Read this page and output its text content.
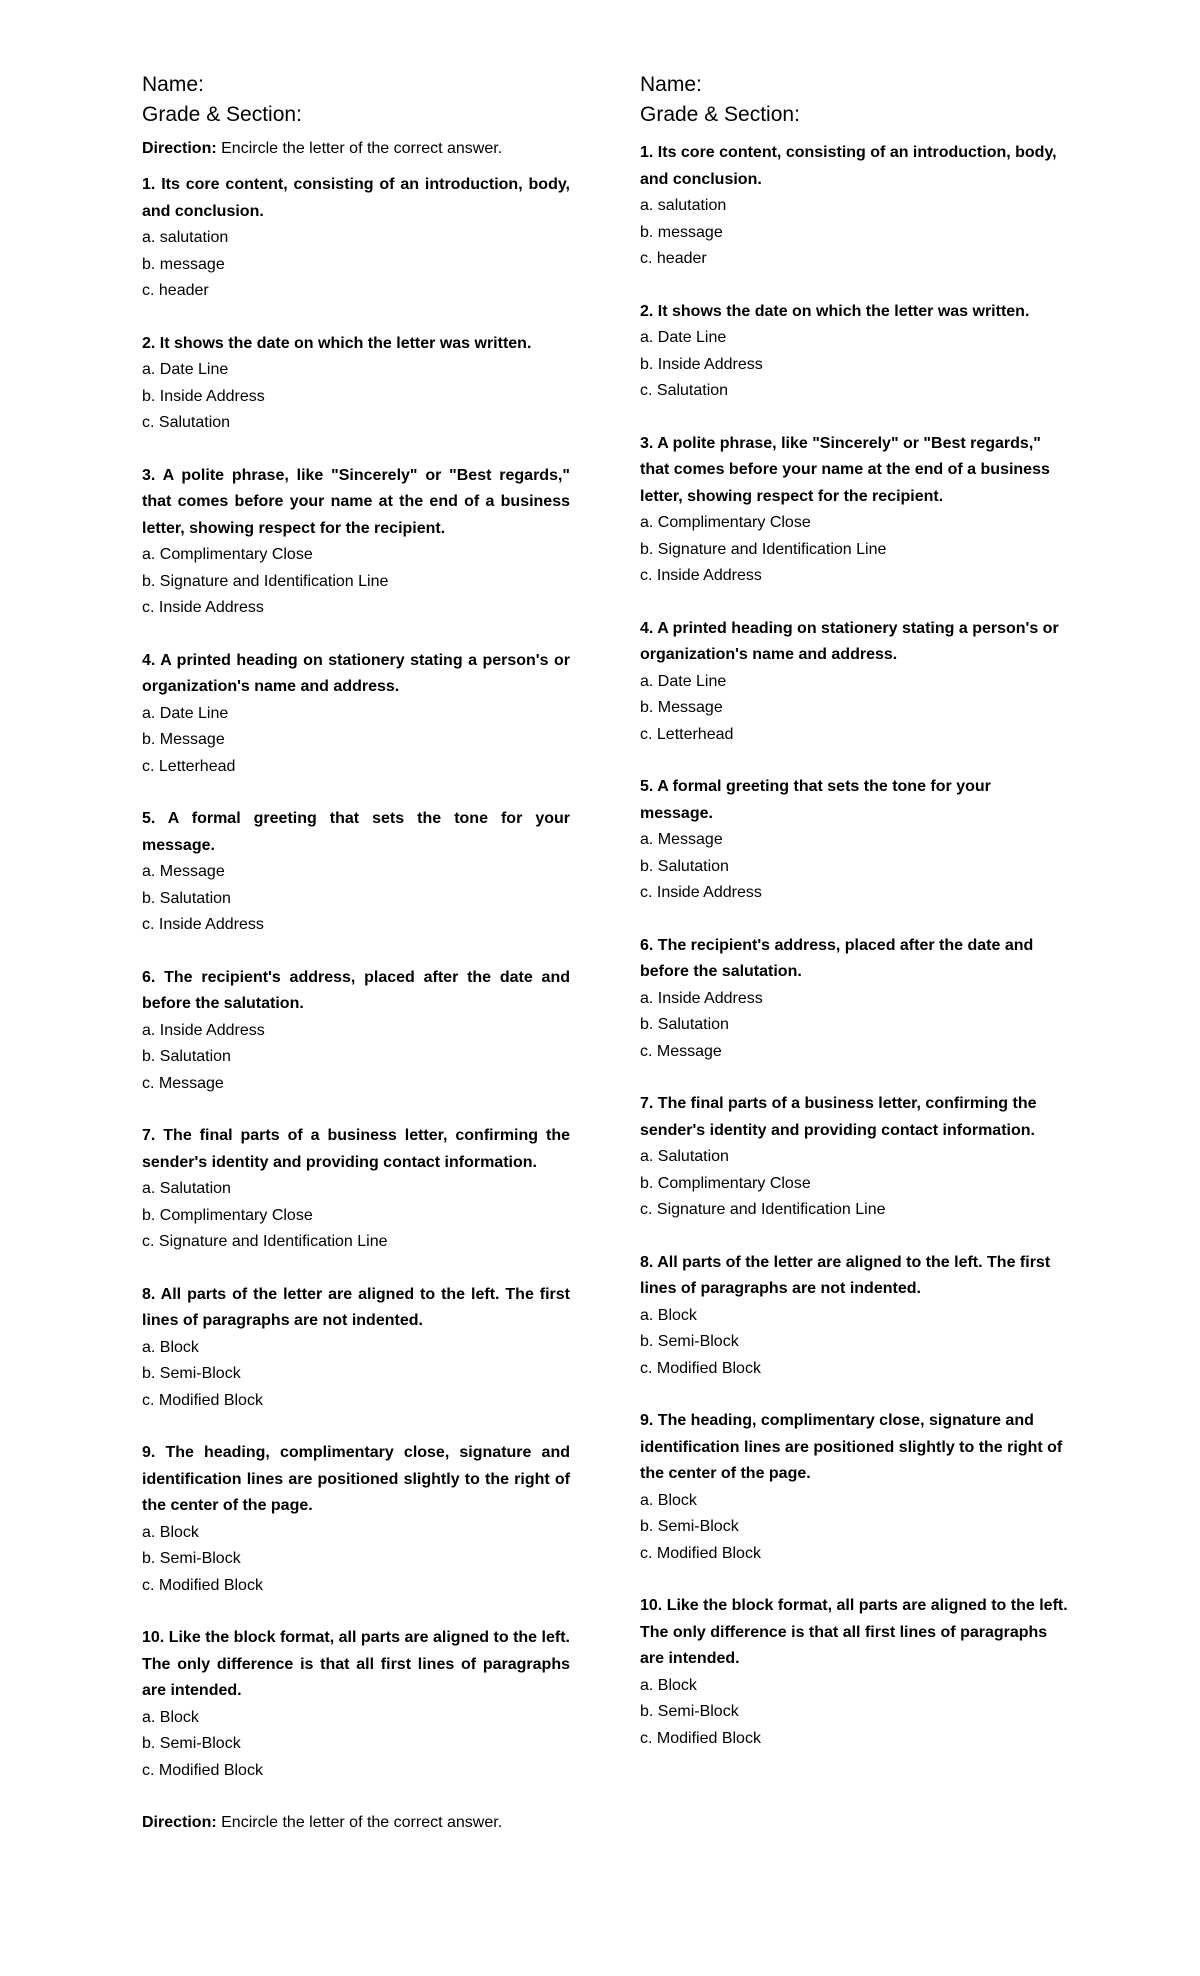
Name:
Grade & Section:
Direction: Encircle the letter of the correct answer.

1. Its core content, consisting of an introduction, body, and conclusion.

a. salutation

b. message

c. header

2. It shows the date on which the letter was written.

a. Date Line

b. Inside Address

c. Salutation

3. A polite phrase, like "Sincerely" or "Best regards," that comes before your name at the end of a business letter, showing respect for the recipient.

a. Complimentary Close

b. Signature and Identification Line

c. Inside Address

4. A printed heading on stationery stating a person's or organization's name and address.

a. Date Line

b. Message

c. Letterhead

5. A formal greeting that sets the tone for your message.

a. Message

b. Salutation

c. Inside Address

6. The recipient's address, placed after the date and before the salutation.

a. Inside Address

b. Salutation

c. Message

7. The final parts of a business letter, confirming the sender's identity and providing contact information.

a. Salutation

b. Complimentary Close

c. Signature and Identification Line

8. All parts of the letter are aligned to the left. The first lines of paragraphs are not indented.

a. Block

b. Semi-Block

c. Modified Block

9. The heading, complimentary close, signature and identification lines are positioned slightly to the right of the center of the page.

a. Block

b. Semi-Block

c. Modified Block

10. Like the block format, all parts are aligned to the left. The only difference is that all first lines of paragraphs are intended.

a. Block

b. Semi-Block

c. Modified Block

Direction: Encircle the letter of the correct answer.
Name:
Grade & Section:

1. Its core content, consisting of an introduction, body, and conclusion.

a. salutation

b. message

c. header

2. It shows the date on which the letter was written.

a. Date Line

b. Inside Address

c. Salutation

3. A polite phrase, like "Sincerely" or "Best regards," that comes before your name at the end of a business letter, showing respect for the recipient.

a. Complimentary Close

b. Signature and Identification Line

c. Inside Address

4. A printed heading on stationery stating a person's or organization's name and address.

a. Date Line

b. Message

c. Letterhead

5. A formal greeting that sets the tone for your message.

a. Message

b. Salutation

c. Inside Address

6. The recipient's address, placed after the date and before the salutation.

a. Inside Address

b. Salutation

c. Message

7. The final parts of a business letter, confirming the sender's identity and providing contact information.

a. Salutation

b. Complimentary Close

c. Signature and Identification Line

8. All parts of the letter are aligned to the left. The first lines of paragraphs are not indented.

a. Block

b. Semi-Block

c. Modified Block

9. The heading, complimentary close, signature and identification lines are positioned slightly to the right of the center of the page.

a. Block

b. Semi-Block

c. Modified Block

10. Like the block format, all parts are aligned to the left. The only difference is that all first lines of paragraphs are intended.

a. Block

b. Semi-Block

c. Modified Block
